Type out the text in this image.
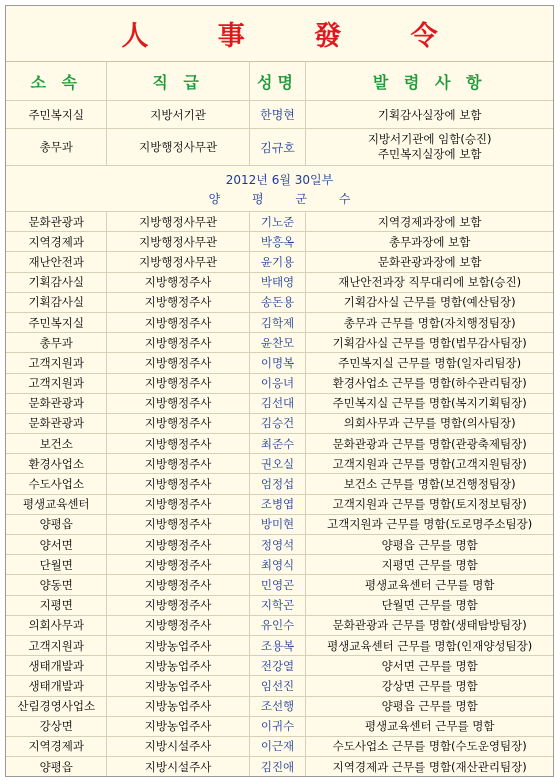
人 事 發 令
소 속	직 급	성명	발 령 사 항
주민복지실	지방서기관	한명현	기획감사실장에 보함
총무과	지방행정사무관	김규호
지방서기관에 임함(승진)
주민복지실장에 보함
2012년 6월 30일부
양 평 군 수
문화관광과	지방행정사무관	기노준	지역경제과장에 보함
지역경제과	지방행정사무관	박흥옥	총무과장에 보함
재난안전과	지방행정사무관	윤기용	문화관광과장에 보함
기획감사실	지방행정주사	박태영	재난안전과장 직무대리에 보함(승진)
기획감사실	지방행정주사	송돈용	기획감사실 근무를 명함(예산팀장)
주민복지실	지방행정주사	김학제	총무과 근무를 명함(자치행정팀장)
총무과	지방행정주사	윤찬모	기획감사실 근무를 명함(법무감사팀장)
고객지원과	지방행정주사	이명복	주민복지실 근무를 명함(일자리팀장)
고객지원과	지방행정주사	이응녀	환경사업소 근무를 명함(하수관리팀장)
문화관광과	지방행정주사	김선대	주민복지실 근무를 명함(복지기획팀장)
문화관광과	지방행정주사	김승건	의회사무과 근무를 명함(의사팀장)
보건소	지방행정주사	최준수	문화관광과 근무를 명함(관광축제팀장)
환경사업소	지방행정주사	권오실	고객지원과 근무를 명함(고객지원팀장)
수도사업소	지방행정주사	엄정섭	보건소 근무를 명함(보건행정팀장)
평생교육센터	지방행정주사	조병엽	고객지원과 근무를 명함(토지정보팀장)
양평읍	지방행정주사	방미현	고객지원과 근무를 명함(도로명주소팀장)
양서면	지방행정주사	정영석	양평읍 근무를 명함
단월면	지방행정주사	최영식	지평면 근무를 명함
양동면	지방행정주사	민영곤	평생교육센터 근무를 명함
지평면	지방행정주사	지학곤	단월면 근무를 명함
의회사무과	지방행정주사	유인수	문화관광과 근무를 명함(생태탐방팀장)
고객지원과	지방농업주사	조용복	평생교육센터 근무를 명함(인재양성팀장)
생태개발과	지방농업주사	전강열	양서면 근무를 명함
생태개발과	지방농업주사	임선진	강상면 근무를 명함
산림경영사업소	지방농업주사	조선행	양평읍 근무를 명함
강상면	지방농업주사	이귀수	평생교육센터 근무를 명함
지역경제과	지방시설주사	이근재	수도사업소 근무를 명함(수도운영팀장)
양평읍	지방시설주사	김진애	지역경제과 근무를 명함(재산관리팀장)
